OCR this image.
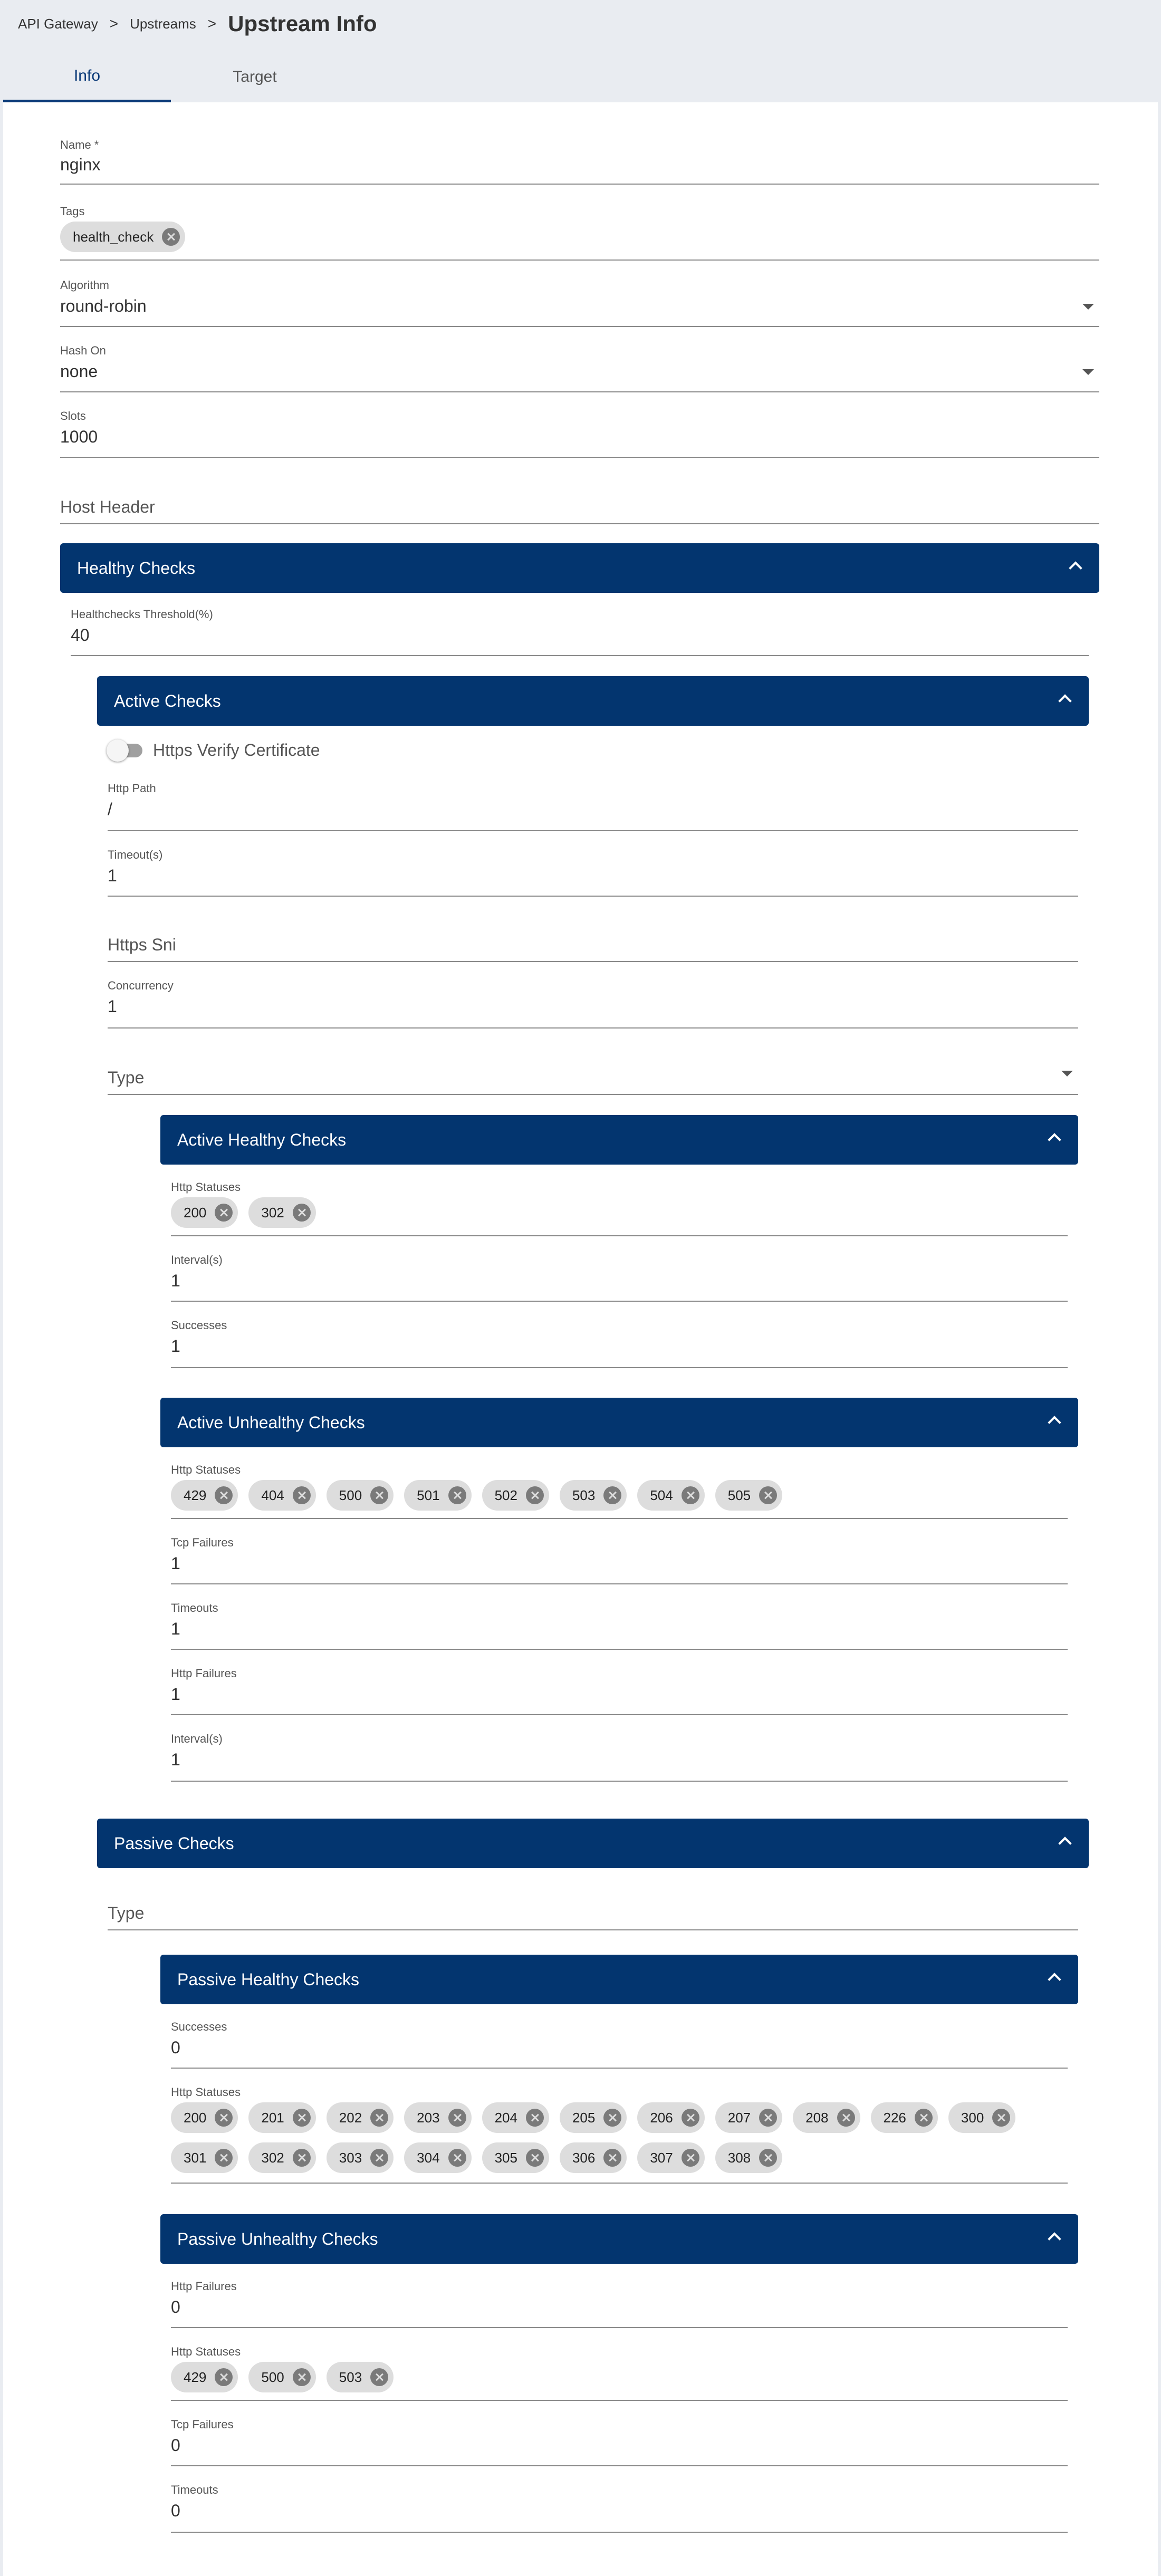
API Gateway > Upstreams > Upstream Info
Info	Target
Name *
nginx
Tags
health_check
Algorithm
round-robin
Hash On
none
Slots
1000
Host Header
Healthy Checks
Healthchecks Threshold(%)
40
Active Checks
Https Verify Certificate
Http Path
/
Timeout(s)
1
Https Sni
Concurrency
1
Type
Active Healthy Checks
Http Statuses
200	302
Interval(s)
1
Successes
1
Active Unhealthy Checks
Http Statuses
429	404	500	501	502	503	504	505
Tcp Failures
1
Timeouts
1
Http Failures
1
Interval(s)
1
Passive Checks
Type
Passive Healthy Checks
Successes
0
Http Statuses
200	201	202	203	204	205	206	207	208	226	300
301	302	303	304	305	306	307	308
Passive Unhealthy Checks
Http Failures
0
Http Statuses
429	500	503
Tcp Failures
0
Timeouts
0
